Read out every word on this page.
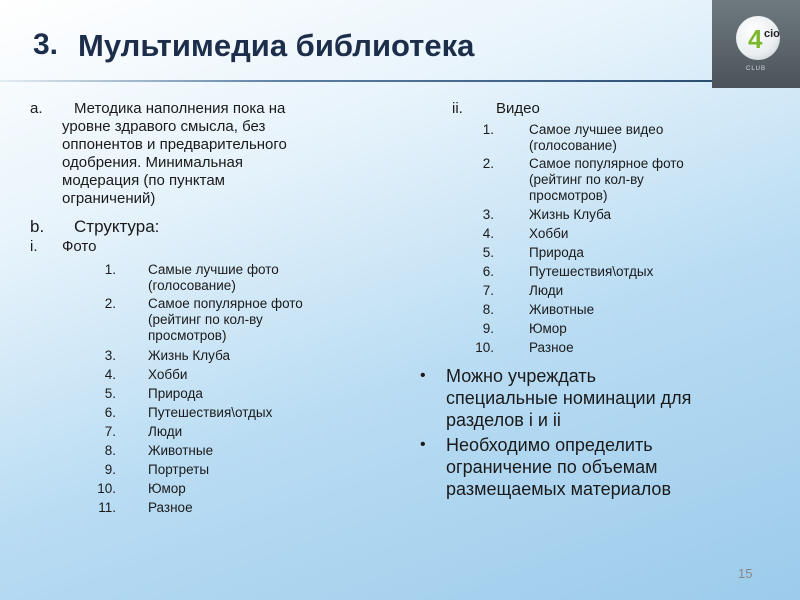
3. Мультимедиа библиотека	4 cio
CLUB
a.	Методика наполнения пока на
уровне здравого смысла, без
оппонентов и предварительного
одобрения. Минимальная
модерация (по пунктам
ограничений)
b. Структура:
i. Фото
1. Самые лучшие фото
(голосование)
2. Самое популярное фото
(рейтинг по кол-ву
просмотров)
3. Жизнь Клуба
4. Хобби
5. Природа
6. Путешествия\отдых
7. Люди
8. Животные
9. Портреты
10. Юмор
11. Разное
ii. Видео
1.	Самое лучшее видео
(голосование)
2.	Самое популярное фото
(рейтинг по кол-ву
просмотров)
3.	Жизнь Клуба
4.	Хобби
5.	Природа
6.	Путешествия\отдых
7.	Люди
8.	Животные
9.	Юмор
10.	Разное
• Можно учреждать
специальные номинации для
разделов i и ii
• Необходимо определить
ограничение по объемам
размещаемых материалов
15
